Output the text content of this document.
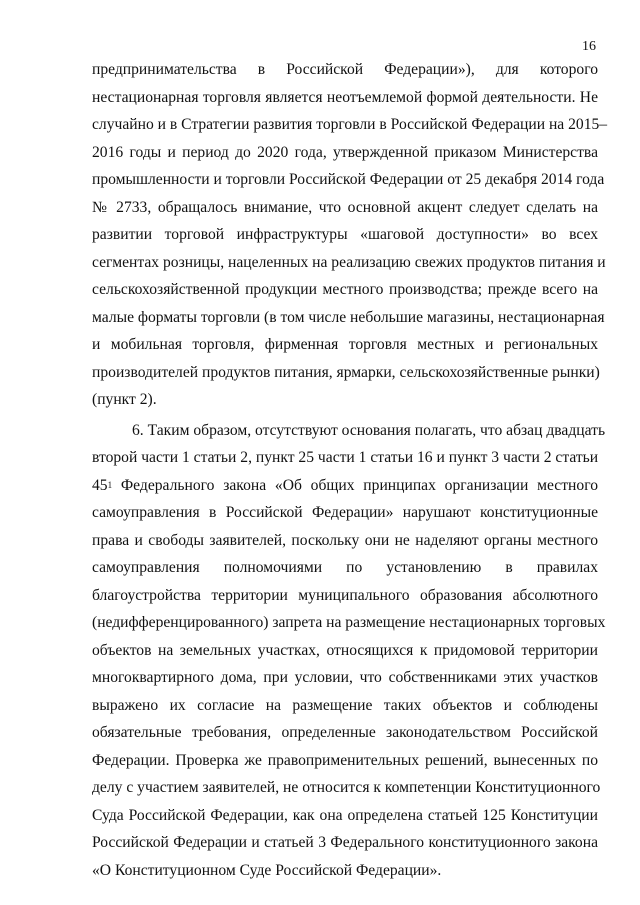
16
предпринимательства в Российской Федерации»), для которого
нестационарная торговля является неотъемлемой формой деятельности. Не
случайно и в Стратегии развития торговли в Российской Федерации на 2015–
2016 годы и период до 2020 года, утвержденной приказом Министерства
промышленности и торговли Российской Федерации от 25 декабря 2014 года
№ 2733, обращалось внимание, что основной акцент следует сделать на
развитии торговой инфраструктуры «шаговой доступности» во всех
сегментах розницы, нацеленных на реализацию свежих продуктов питания и
сельскохозяйственной продукции местного производства; прежде всего на
малые форматы торговли (в том числе небольшие магазины, нестационарная
и мобильная торговля, фирменная торговля местных и региональных
производителей продуктов питания, ярмарки, сельскохозяйственные рынки)
(пункт 2).
6. Таким образом, отсутствуют основания полагать, что абзац двадцать
второй части 1 статьи 2, пункт 25 части 1 статьи 16 и пункт 3 части 2 статьи
$45^1$ Федерального закона «Об общих принципах организации местного
самоуправления в Российской Федерации» нарушают конституционные
права и свободы заявителей, поскольку они не наделяют органы местного
самоуправления полномочиями по установлению в правилах
благоустройства территории муниципального образования абсолютного
(недифференцированного) запрета на размещение нестационарных торговых
объектов на земельных участках, относящихся к придомовой территории
многоквартирного дома, при условии, что собственниками этих участков
выражено их согласие на размещение таких объектов и соблюдены
обязательные требования, определенные законодательством Российской
Федерации. Проверка же правоприменительных решений, вынесенных по
делу с участием заявителей, не относится к компетенции Конституционного
Суда Российской Федерации, как она определена статьей 125 Конституции
Российской Федерации и статьей 3 Федерального конституционного закона
«О Конституционном Суде Российской Федерации».
